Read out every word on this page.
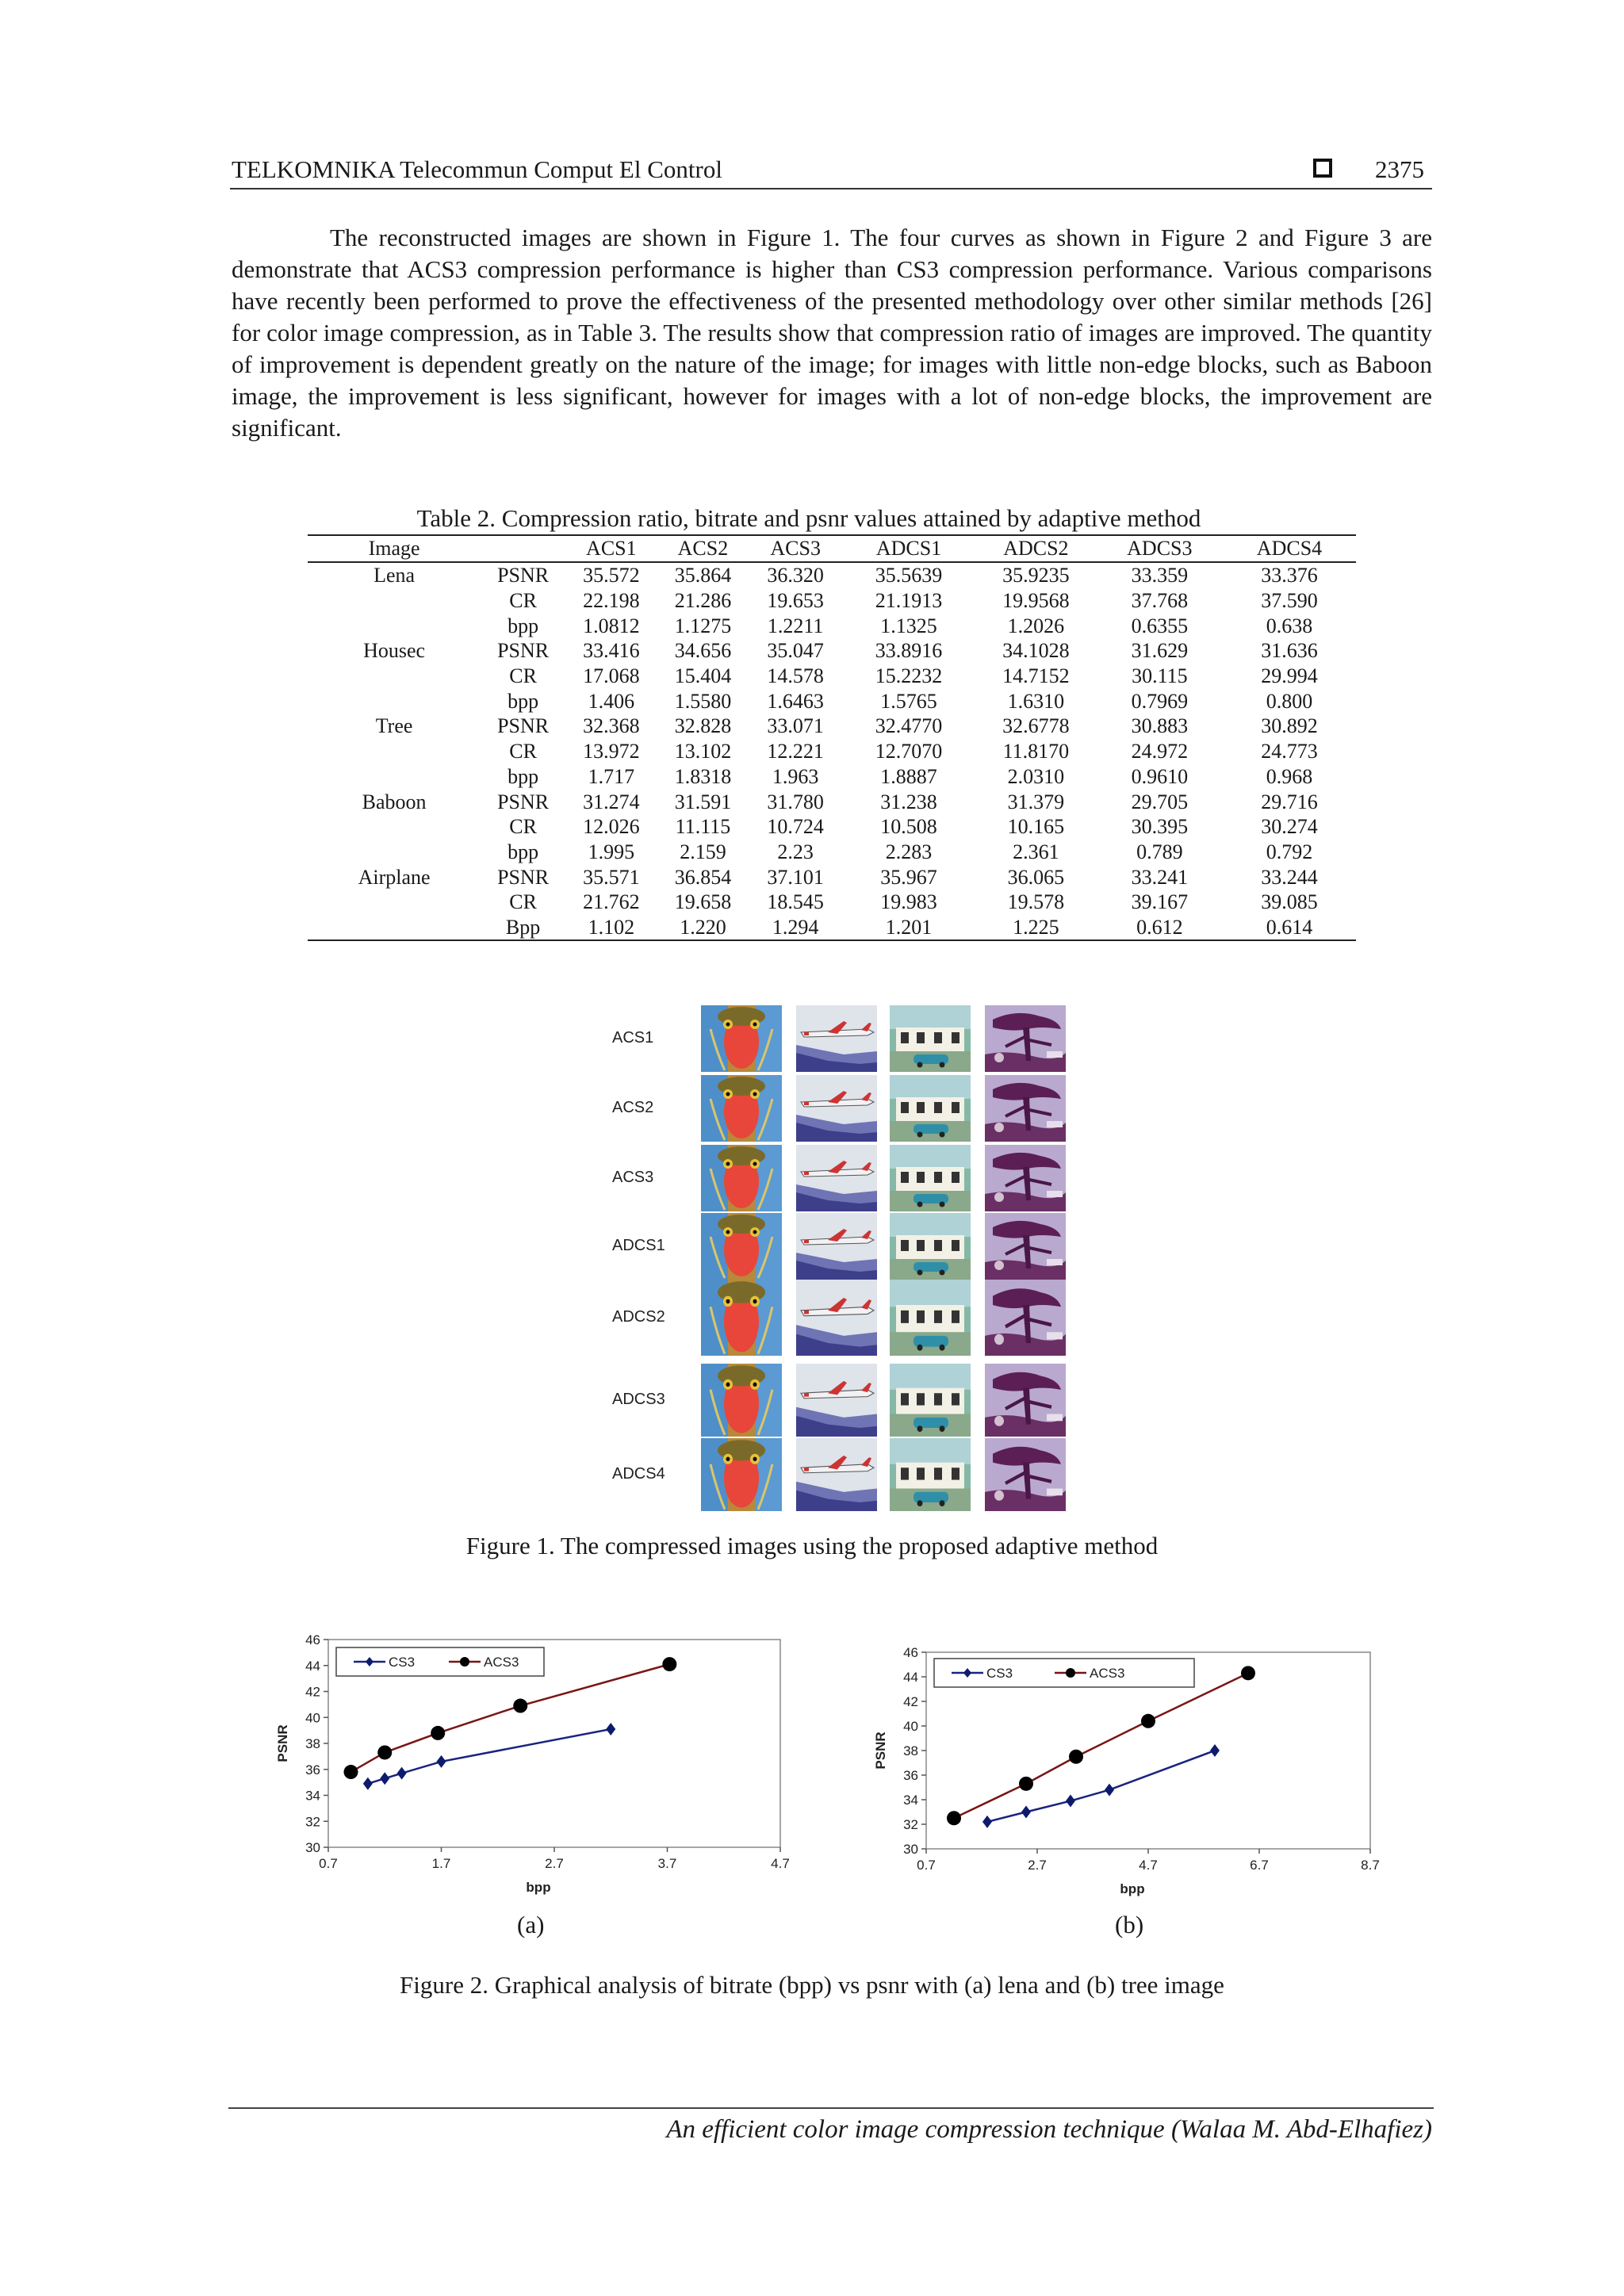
TELKOMNIKA Telecommun Comput El Control	2375

The reconstructed images are shown in Figure 1. The four curves as shown in Figure 2 and Figure 3 are demonstrate that ACS3 compression performance is higher than CS3 compression performance. Various comparisons have recently been performed to prove the effectiveness of the presented methodology over other similar methods [26] for color image compression, as in Table 3. The results show that compression ratio of images are improved. The quantity of improvement is dependent greatly on the nature of the image; for images with little non-edge blocks, such as Baboon image, the improvement is less significant, however for images with a lot of non-edge blocks, the improvement are significant.

Table 2. Compression ratio, bitrate and psnr values attained by adaptive method
Image		ACS1	ACS2	ACS3	ADCS1	ADCS2	ADCS3	ADCS4
Lena	PSNR	35.572	35.864	36.320	35.5639	35.9235	33.359	33.376
	CR	22.198	21.286	19.653	21.1913	19.9568	37.768	37.590
	bpp	1.0812	1.1275	1.2211	1.1325	1.2026	0.6355	0.638
Housec	PSNR	33.416	34.656	35.047	33.8916	34.1028	31.629	31.636
	CR	17.068	15.404	14.578	15.2232	14.7152	30.115	29.994
	bpp	1.406	1.5580	1.6463	1.5765	1.6310	0.7969	0.800
Tree	PSNR	32.368	32.828	33.071	32.4770	32.6778	30.883	30.892
	CR	13.972	13.102	12.221	12.7070	11.8170	24.972	24.773
	bpp	1.717	1.8318	1.963	1.8887	2.0310	0.9610	0.968
Baboon	PSNR	31.274	31.591	31.780	31.238	31.379	29.705	29.716
	CR	12.026	11.115	10.724	10.508	10.165	30.395	30.274
	bpp	1.995	2.159	2.23	2.283	2.361	0.789	0.792
Airplane	PSNR	35.571	36.854	37.101	35.967	36.065	33.241	33.244
	CR	21.762	19.658	18.545	19.983	19.578	39.167	39.085
	Bpp	1.102	1.220	1.294	1.201	1.225	0.612	0.614
ACS1
ACS2
ACS3
ADCS1
ADCS2
ADCS3
ADCS4
Figure 1. The compressed images using the proposed adaptive method
30
32
34
36
38
40
42
44
46
0.7	1.7	2.7	3.7	4.7
bpp
PSNR
CS3	ACS3
30
32
34
36
38
40
42
44
46
0.7	2.7	4.7	6.7	8.7
bpp
PSNR
CS3	ACS3
(a)	(b)
Figure 2. Graphical analysis of bitrate (bpp) vs psnr with (a) lena and (b) tree image
An efficient color image compression technique (Walaa M. Abd-Elhafiez)
